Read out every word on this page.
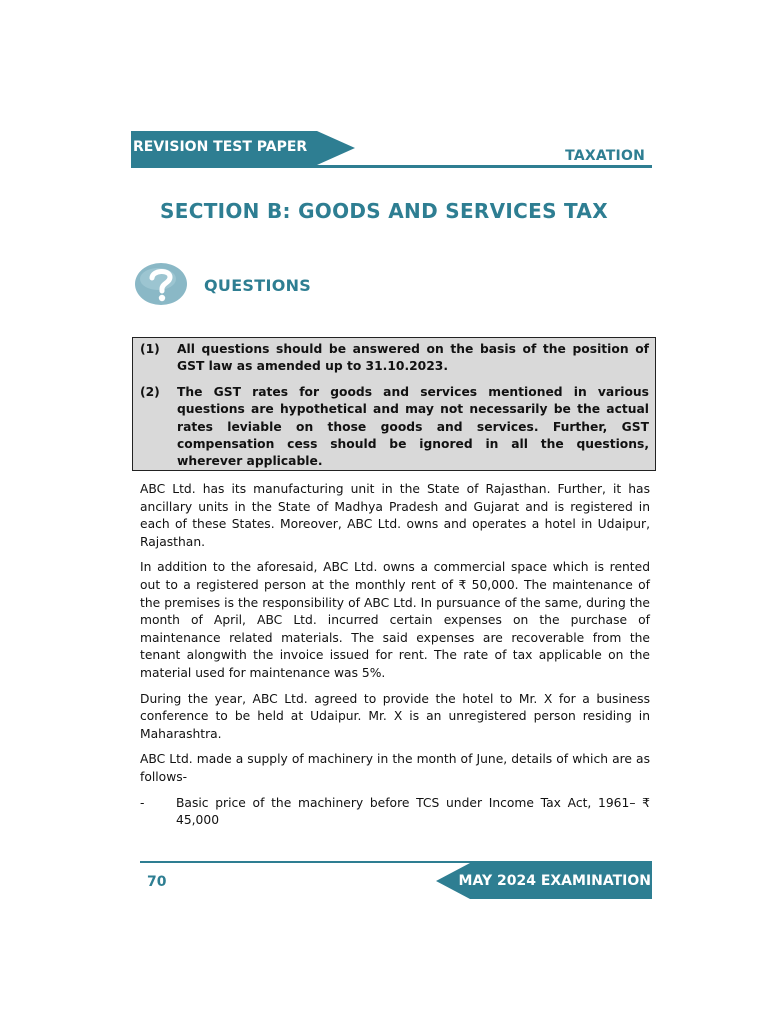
REVISION TEST PAPER
TAXATION
SECTION B: GOODS AND SERVICES TAX
QUESTIONS
(1)	All questions should be answered on the basis of the position of GST law as amended up to 31.10.2023.
(2)	The GST rates for goods and services mentioned in various questions are hypothetical and may not necessarily be the actual rates leviable on those goods and services. Further, GST compensation cess should be ignored in all the questions, wherever applicable.

ABC Ltd. has its manufacturing unit in the State of Rajasthan. Further, it has ancillary units in the State of Madhya Pradesh and Gujarat and is registered in each of these States. Moreover, ABC Ltd. owns and operates a hotel in Udaipur, Rajasthan.

In addition to the aforesaid, ABC Ltd. owns a commercial space which is rented out to a registered person at the monthly rent of ₹ 50,000. The maintenance of the premises is the responsibility of ABC Ltd. In pursuance of the same, during the month of April, ABC Ltd. incurred certain expenses on the purchase of maintenance related materials. The said expenses are recoverable from the tenant alongwith the invoice issued for rent. The rate of tax applicable on the material used for maintenance was 5%.

During the year, ABC Ltd. agreed to provide the hotel to Mr. X for a business conference to be held at Udaipur. Mr. X is an unregistered person residing in Maharashtra.

ABC Ltd. made a supply of machinery in the month of June, details of which are as follows-

-	Basic price of the machinery before TCS under Income Tax Act, 1961– ₹ 45,000
70	MAY 2024 EXAMINATION
